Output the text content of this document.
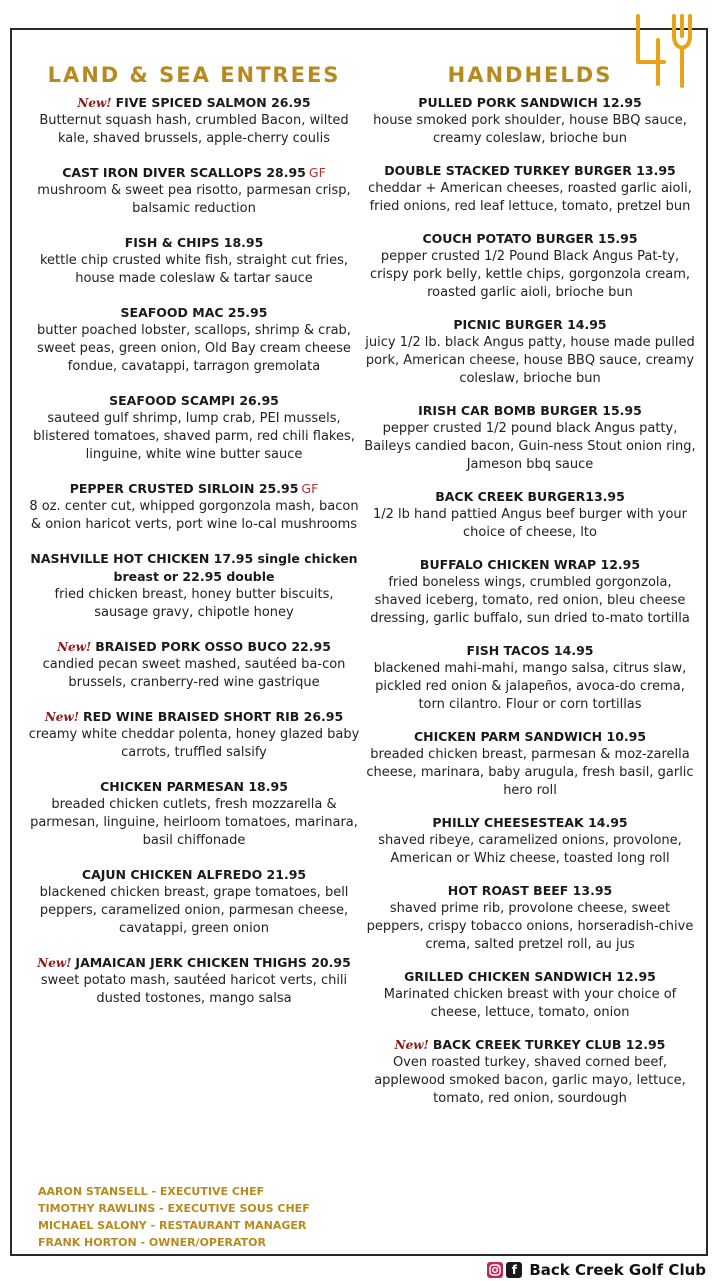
LAND & SEA ENTREES
New! FIVE SPICED SALMON 26.95
Butternut squash hash, crumbled Bacon, wilted kale, shaved brussels, apple-cherry coulis
CAST IRON DIVER SCALLOPS 28.95 GF
mushroom & sweet pea risotto, parmesan crisp, balsamic reduction
FISH & CHIPS 18.95
kettle chip crusted white fish, straight cut fries, house made coleslaw & tartar sauce
SEAFOOD MAC 25.95
butter poached lobster, scallops, shrimp & crab, sweet peas, green onion, Old Bay cream cheese fondue, cavatappi, tarragon gremolata
SEAFOOD SCAMPI 26.95
sauteed gulf shrimp, lump crab, PEI mussels, blistered tomatoes, shaved parm, red chili flakes, linguine, white wine butter sauce
PEPPER CRUSTED SIRLOIN 25.95 GF
8 oz. center cut, whipped gorgonzola mash, bacon & onion haricot verts, port wine lo-cal mushrooms
NASHVILLE HOT CHICKEN 17.95 single chicken breast or 22.95 double
fried chicken breast, honey butter biscuits, sausage gravy, chipotle honey
New! BRAISED PORK OSSO BUCO 22.95
candied pecan sweet mashed, sautéed ba-con brussels, cranberry-red wine gastrique
New! RED WINE BRAISED SHORT RIB 26.95
creamy white cheddar polenta, honey glazed baby carrots, truffled salsify
CHICKEN PARMESAN 18.95
breaded chicken cutlets, fresh mozzarella & parmesan, linguine, heirloom tomatoes, marinara, basil chiffonade
CAJUN CHICKEN ALFREDO 21.95
blackened chicken breast, grape tomatoes, bell peppers, caramelized onion, parmesan cheese, cavatappi, green onion
New! JAMAICAN JERK CHICKEN THIGHS 20.95
sweet potato mash, sautéed haricot verts, chili dusted tostones, mango salsa
HANDHELDS
PULLED PORK SANDWICH 12.95
house smoked pork shoulder, house BBQ sauce, creamy coleslaw, brioche bun
DOUBLE STACKED TURKEY BURGER 13.95
cheddar + American cheeses, roasted garlic aioli, fried onions, red leaf lettuce, tomato, pretzel bun
COUCH POTATO BURGER 15.95
pepper crusted 1/2 Pound Black Angus Pat-ty, crispy pork belly, kettle chips, gorgonzola cream, roasted garlic aioli, brioche bun
PICNIC BURGER 14.95
juicy 1/2 lb. black Angus patty, house made pulled pork, American cheese, house BBQ sauce, creamy coleslaw, brioche bun
IRISH CAR BOMB BURGER 15.95
pepper crusted 1/2 pound black Angus patty, Baileys candied bacon, Guin-ness Stout onion ring, Jameson bbq sauce
BACK CREEK BURGER13.95
1/2 lb hand pattied Angus beef burger with your choice of cheese, lto
BUFFALO CHICKEN WRAP 12.95
fried boneless wings, crumbled gorgonzola, shaved iceberg, tomato, red onion, bleu cheese dressing, garlic buffalo, sun dried to-mato tortilla
FISH TACOS 14.95
blackened mahi-mahi, mango salsa, citrus slaw, pickled red onion & jalapeños, avoca-do crema, torn cilantro. Flour or corn tortillas
CHICKEN PARM SANDWICH 10.95
breaded chicken breast, parmesan & moz-zarella cheese, marinara, baby arugula, fresh basil, garlic hero roll
PHILLY CHEESESTEAK 14.95
shaved ribeye, caramelized onions, provolone, American or Whiz cheese, toasted long roll
HOT ROAST BEEF 13.95
shaved prime rib, provolone cheese, sweet peppers, crispy tobacco onions, horseradish-chive crema, salted pretzel roll, au jus
GRILLED CHICKEN SANDWICH 12.95
Marinated chicken breast with your choice of cheese, lettuce, tomato, onion
New! BACK CREEK TURKEY CLUB 12.95
Oven roasted turkey, shaved corned beef, applewood smoked bacon, garlic mayo, lettuce, tomato, red onion, sourdough
AARON STANSELL - EXECUTIVE CHEF
TIMOTHY RAWLINS - EXECUTIVE SOUS CHEF
MICHAEL SALONY - RESTAURANT MANAGER
FRANK HORTON - OWNER/OPERATOR
f Back Creek Golf Club
